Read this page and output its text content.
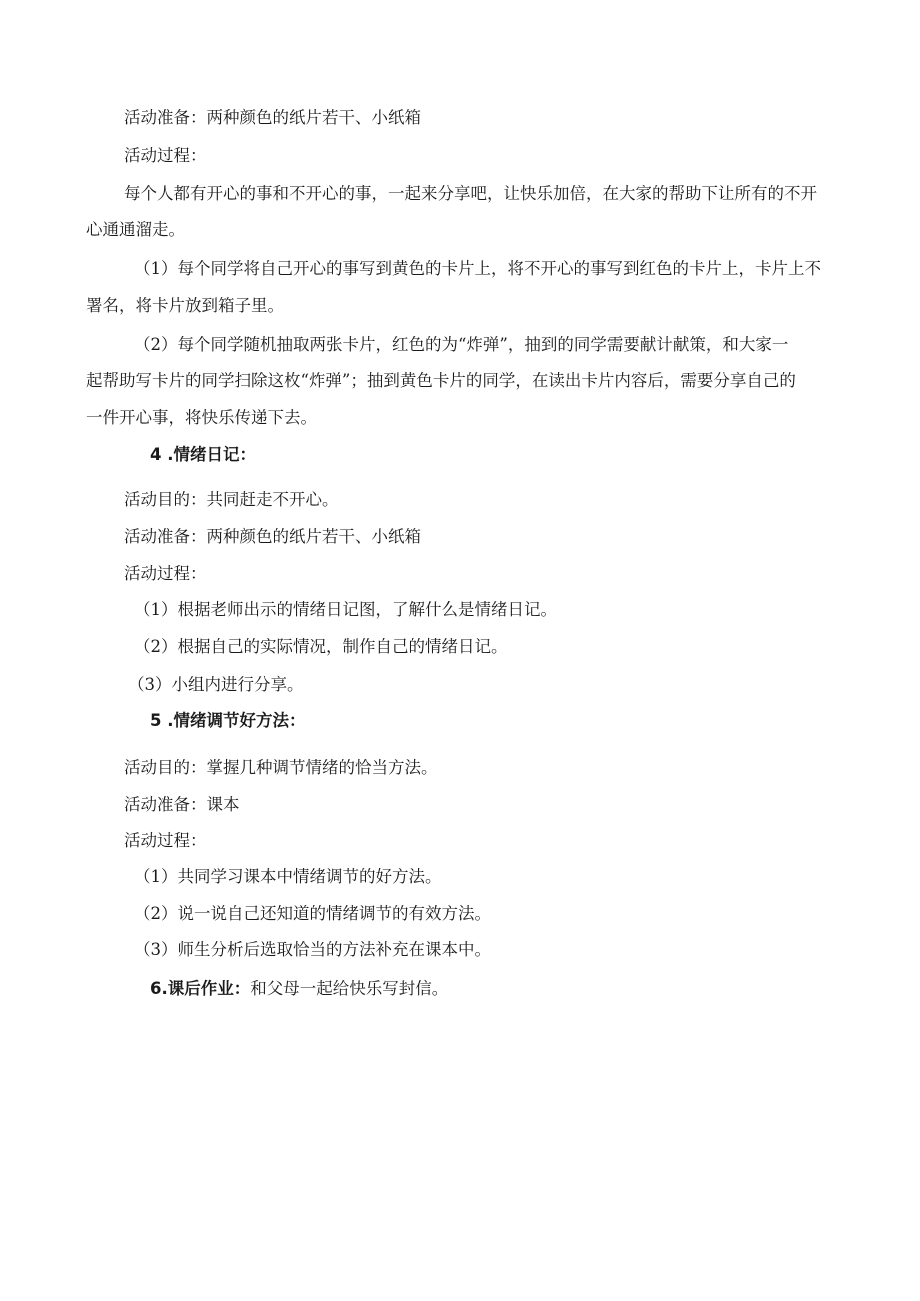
活动准备：两种颜色的纸片若干、小纸箱
活动过程：
每个人都有开心的事和不开心的事，一起来分享吧，让快乐加倍，在大家的帮助下让所有的不开
心通通溜走。
（1）每个同学将自己开心的事写到黄色的卡片上，将不开心的事写到红色的卡片上，卡片上不
署名，将卡片放到箱子里。
（2）每个同学随机抽取两张卡片，红色的为“炸弹”，抽到的同学需要献计献策，和大家一
起帮助写卡片的同学扫除这枚“炸弹”；抽到黄色卡片的同学，在读出卡片内容后，需要分享自己的
一件开心事，将快乐传递下去。
4 .情绪日记：
活动目的：共同赶走不开心。
活动准备：两种颜色的纸片若干、小纸箱
活动过程：
（1）根据老师出示的情绪日记图，了解什么是情绪日记。
（2）根据自己的实际情况，制作自己的情绪日记。
（3）小组内进行分享。
5 .情绪调节好方法：
活动目的：掌握几种调节情绪的恰当方法。
活动准备：课本
活动过程：
（1）共同学习课本中情绪调节的好方法。
（2）说一说自己还知道的情绪调节的有效方法。
（3）师生分析后选取恰当的方法补充在课本中。
6.课后作业：和父母一起给快乐写封信。
